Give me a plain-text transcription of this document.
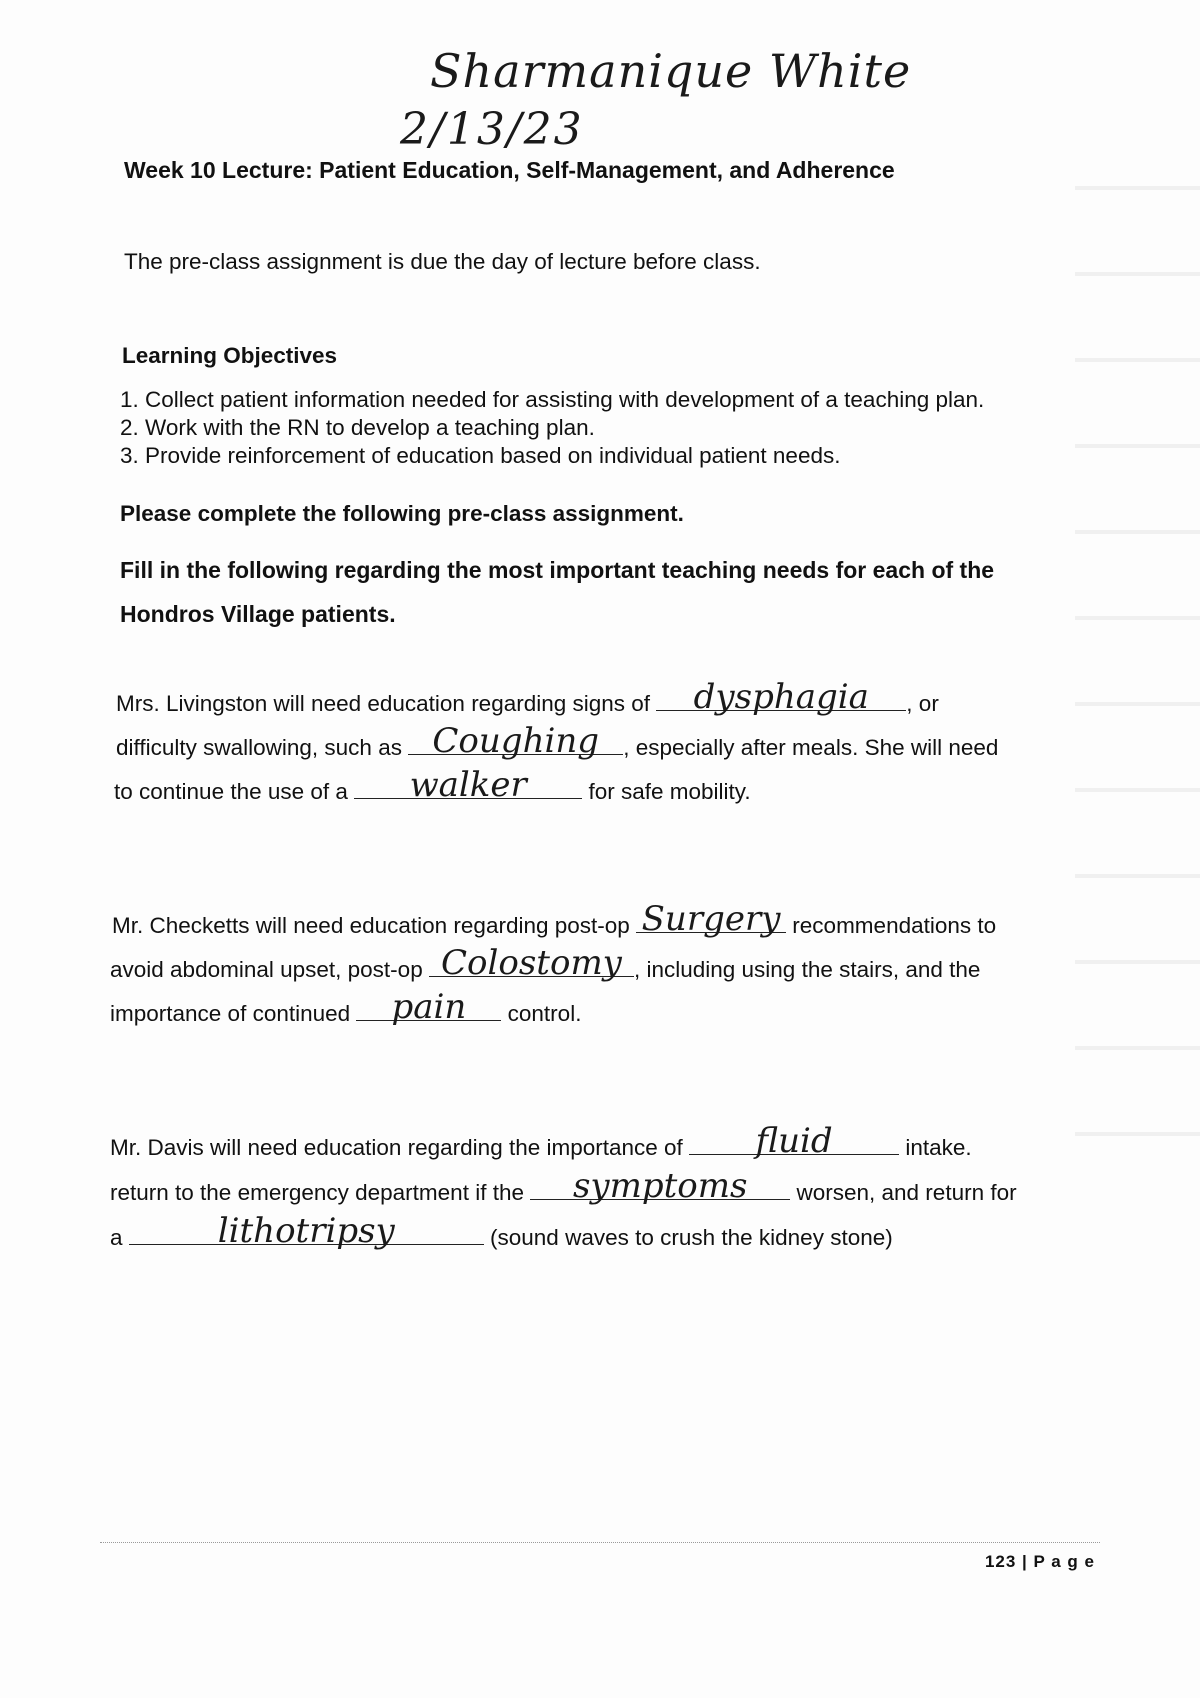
Sharmanique White
2/13/23
Week 10 Lecture: Patient Education, Self-Management, and Adherence
The pre-class assignment is due the day of lecture before class.
Learning Objectives
1. Collect patient information needed for assisting with development of a teaching plan.
2. Work with the RN to develop a teaching plan.
3. Provide reinforcement of education based on individual patient needs.
Please complete the following pre-class assignment.
Fill in the following regarding the most important teaching needs for each of the
Hondros Village patients.
Mrs. Livingston will need education regarding signs of	dysphagia	, or
difficulty swallowing, such as Coughing	, especially after meals. She will need
to continue the use of a	walker	for safe mobility.
Mr. Checketts will need education regarding post-op Surgery recommendations to
avoid abdominal upset, post-op Colostomy , including using the stairs, and the
importance of continued	pain	control.
Mr. Davis will need education regarding the importance of	fluid	intake.
return to the emergency department if the	symptoms	worsen, and return for
a	lithotripsy	(sound waves to crush the kidney stone)
123 | P a g e
